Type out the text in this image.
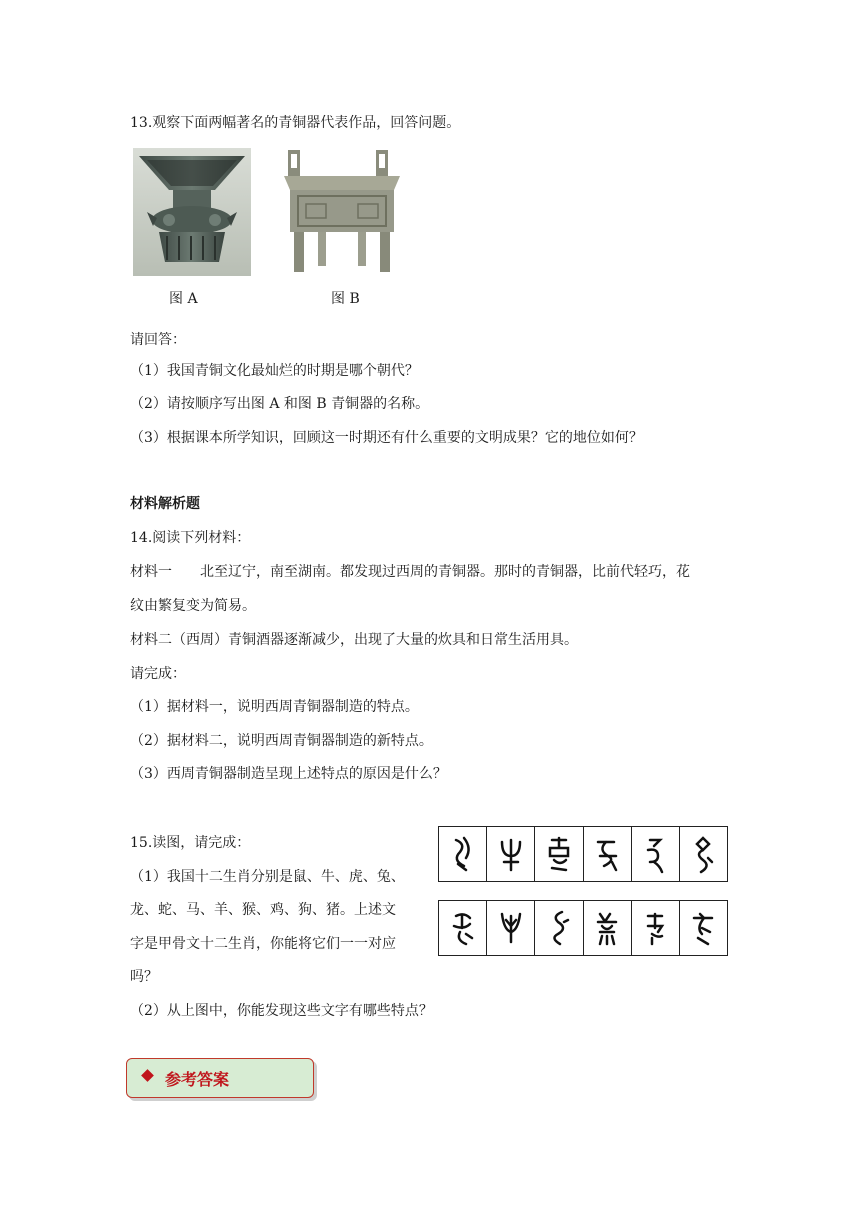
13.观察下面两幅著名的青铜器代表作品，回答问题。
图 A	图 B
请回答：
（1）我国青铜文化最灿烂的时期是哪个朝代？
（2）请按顺序写出图 A 和图 B 青铜器的名称。
（3）根据课本所学知识，回顾这一时期还有什么重要的文明成果？它的地位如何？
材料解析题
14.阅读下列材料：
材料一　　北至辽宁，南至湖南。都发现过西周的青铜器。那时的青铜器，比前代轻巧，花
纹由繁复变为简易。
材料二（西周）青铜酒器逐渐减少，出现了大量的炊具和日常生活用具。
请完成：
（1）据材料一，说明西周青铜器制造的特点。
（2）据材料二，说明西周青铜器制造的新特点。
（3）西周青铜器制造呈现上述特点的原因是什么？
15.读图，请完成：
（1）我国十二生肖分别是鼠、牛、虎、兔、
龙、蛇、马、羊、猴、鸡、狗、猪。上述文
字是甲骨文十二生肖，你能将它们一一对应
吗？
（2）从上图中，你能发现这些文字有哪些特点？
参考答案
